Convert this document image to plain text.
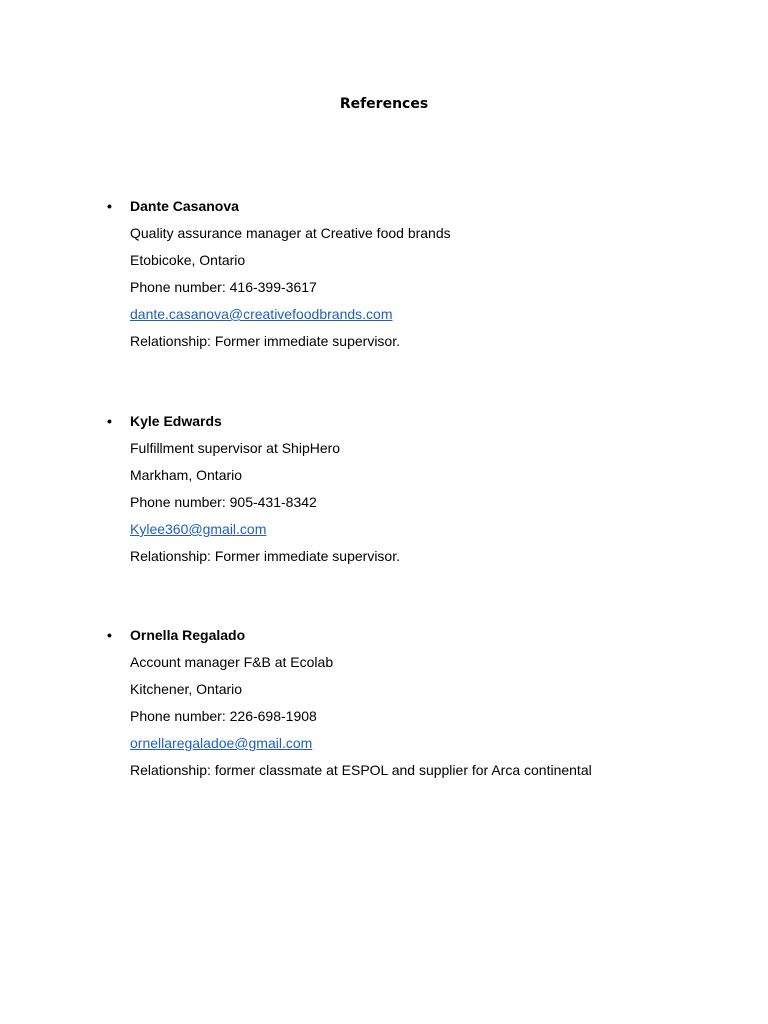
References
• Dante Casanova
Quality assurance manager at Creative food brands
Etobicoke, Ontario
Phone number: 416-399-3617
dante.casanova@creativefoodbrands.com
Relationship: Former immediate supervisor.
• Kyle Edwards
Fulfillment supervisor at ShipHero
Markham, Ontario
Phone number: 905-431-8342
Kylee360@gmail.com
Relationship: Former immediate supervisor.
• Ornella Regalado
Account manager F&B at Ecolab
Kitchener, Ontario
Phone number: 226-698-1908
ornellaregaladoe@gmail.com
Relationship: former classmate at ESPOL and supplier for Arca continental
